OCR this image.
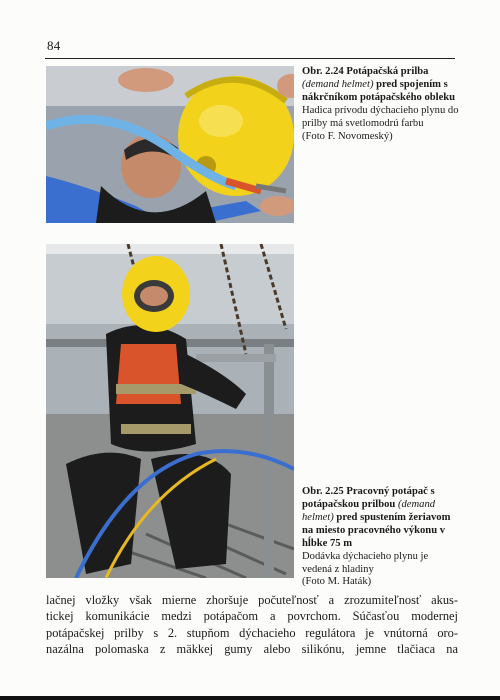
84

Obr. 2.24 Potápačská prilba (demand helmet) pred spojením s nákrčníkom potápačského obleku

Hadica prívodu dýchacieho plynu do prilby má svetlomodrú farbu

(Foto F. Novomeský)

Obr. 2.25 Pracovný potápač s potápačskou prilbou (demand helmet) pred spustením žeriavom na miesto pracovného výkonu v hĺbke 75 m

Dodávka dýchacieho plynu je vedená z hladiny

(Foto M. Haták)

lačnej vložky však mierne zhoršuje počuteľnosť a zrozumiteľnosť akus-
tickej komunikácie medzi potápačom a povrchom. Súčasťou modernej
potápačskej prilby s 2. stupňom dýchacieho regulátora je vnútorná oro-
nazálna polomaska z mäkkej gumy alebo silikónu, jemne tlačiaca na
